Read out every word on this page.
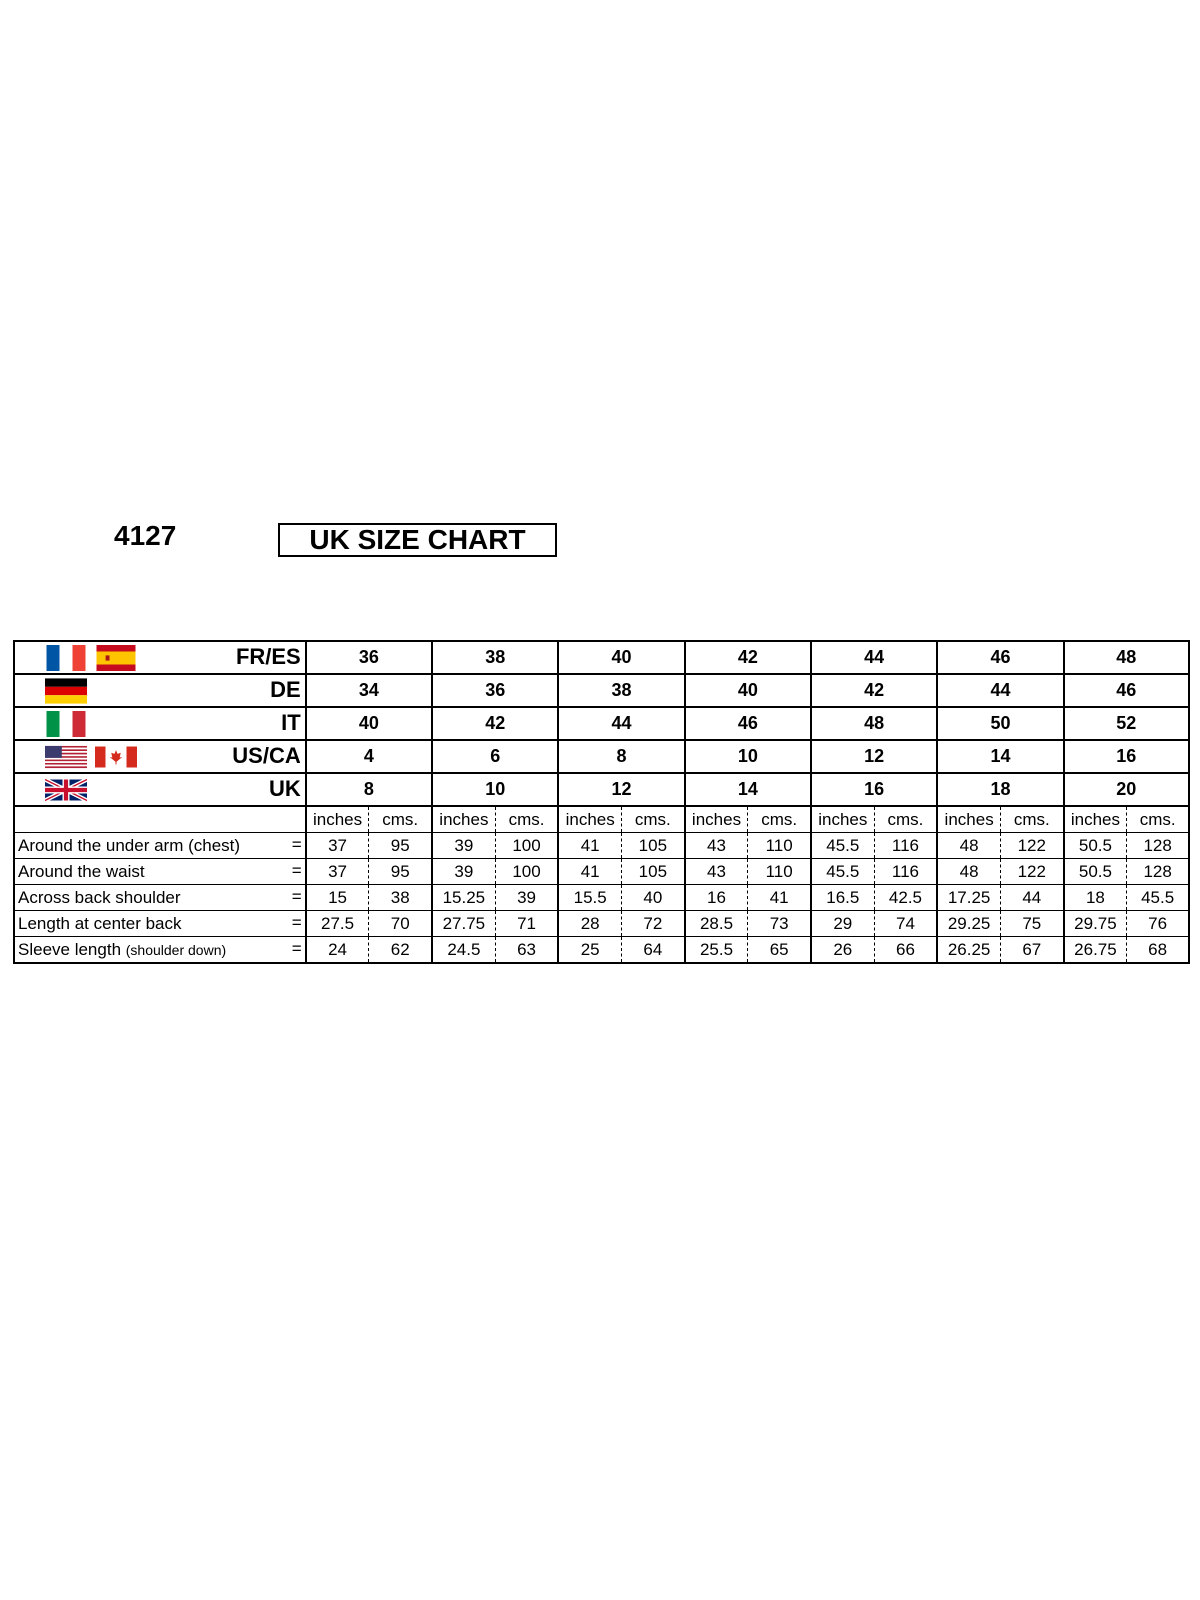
4127	UK SIZE CHART
FR/ES	36		38		40		42		44		46		48	

DE	34		36		38		40		42		44		46	

IT	40		42		44		46		48		50		52	

US/CA	4		6		8		10		12		14		16	

UK	8		10		12		14		16		18		20	
	inches	cms.	inches	cms.	inches	cms.	inches	cms.	inches	cms.	inches	cms.	inches	cms.
Around the under arm (chest) =	37	95	39	100	41	105	43	110	45.5	116	48	122	50.5	128
Around the waist =	37	95	39	100	41	105	43	110	45.5	116	48	122	50.5	128
Across back shoulder =	15	38	15.25	39	15.5	40	16	41	16.5	42.5	17.25	44	18	45.5
Length at center back =	27.5	70	27.75	71	28	72	28.5	73	29	74	29.25	75	29.75	76
Sleeve length (shoulder down) =	24	62	24.5	63	25	64	25.5	65	26	66	26.25	67	26.75	68
